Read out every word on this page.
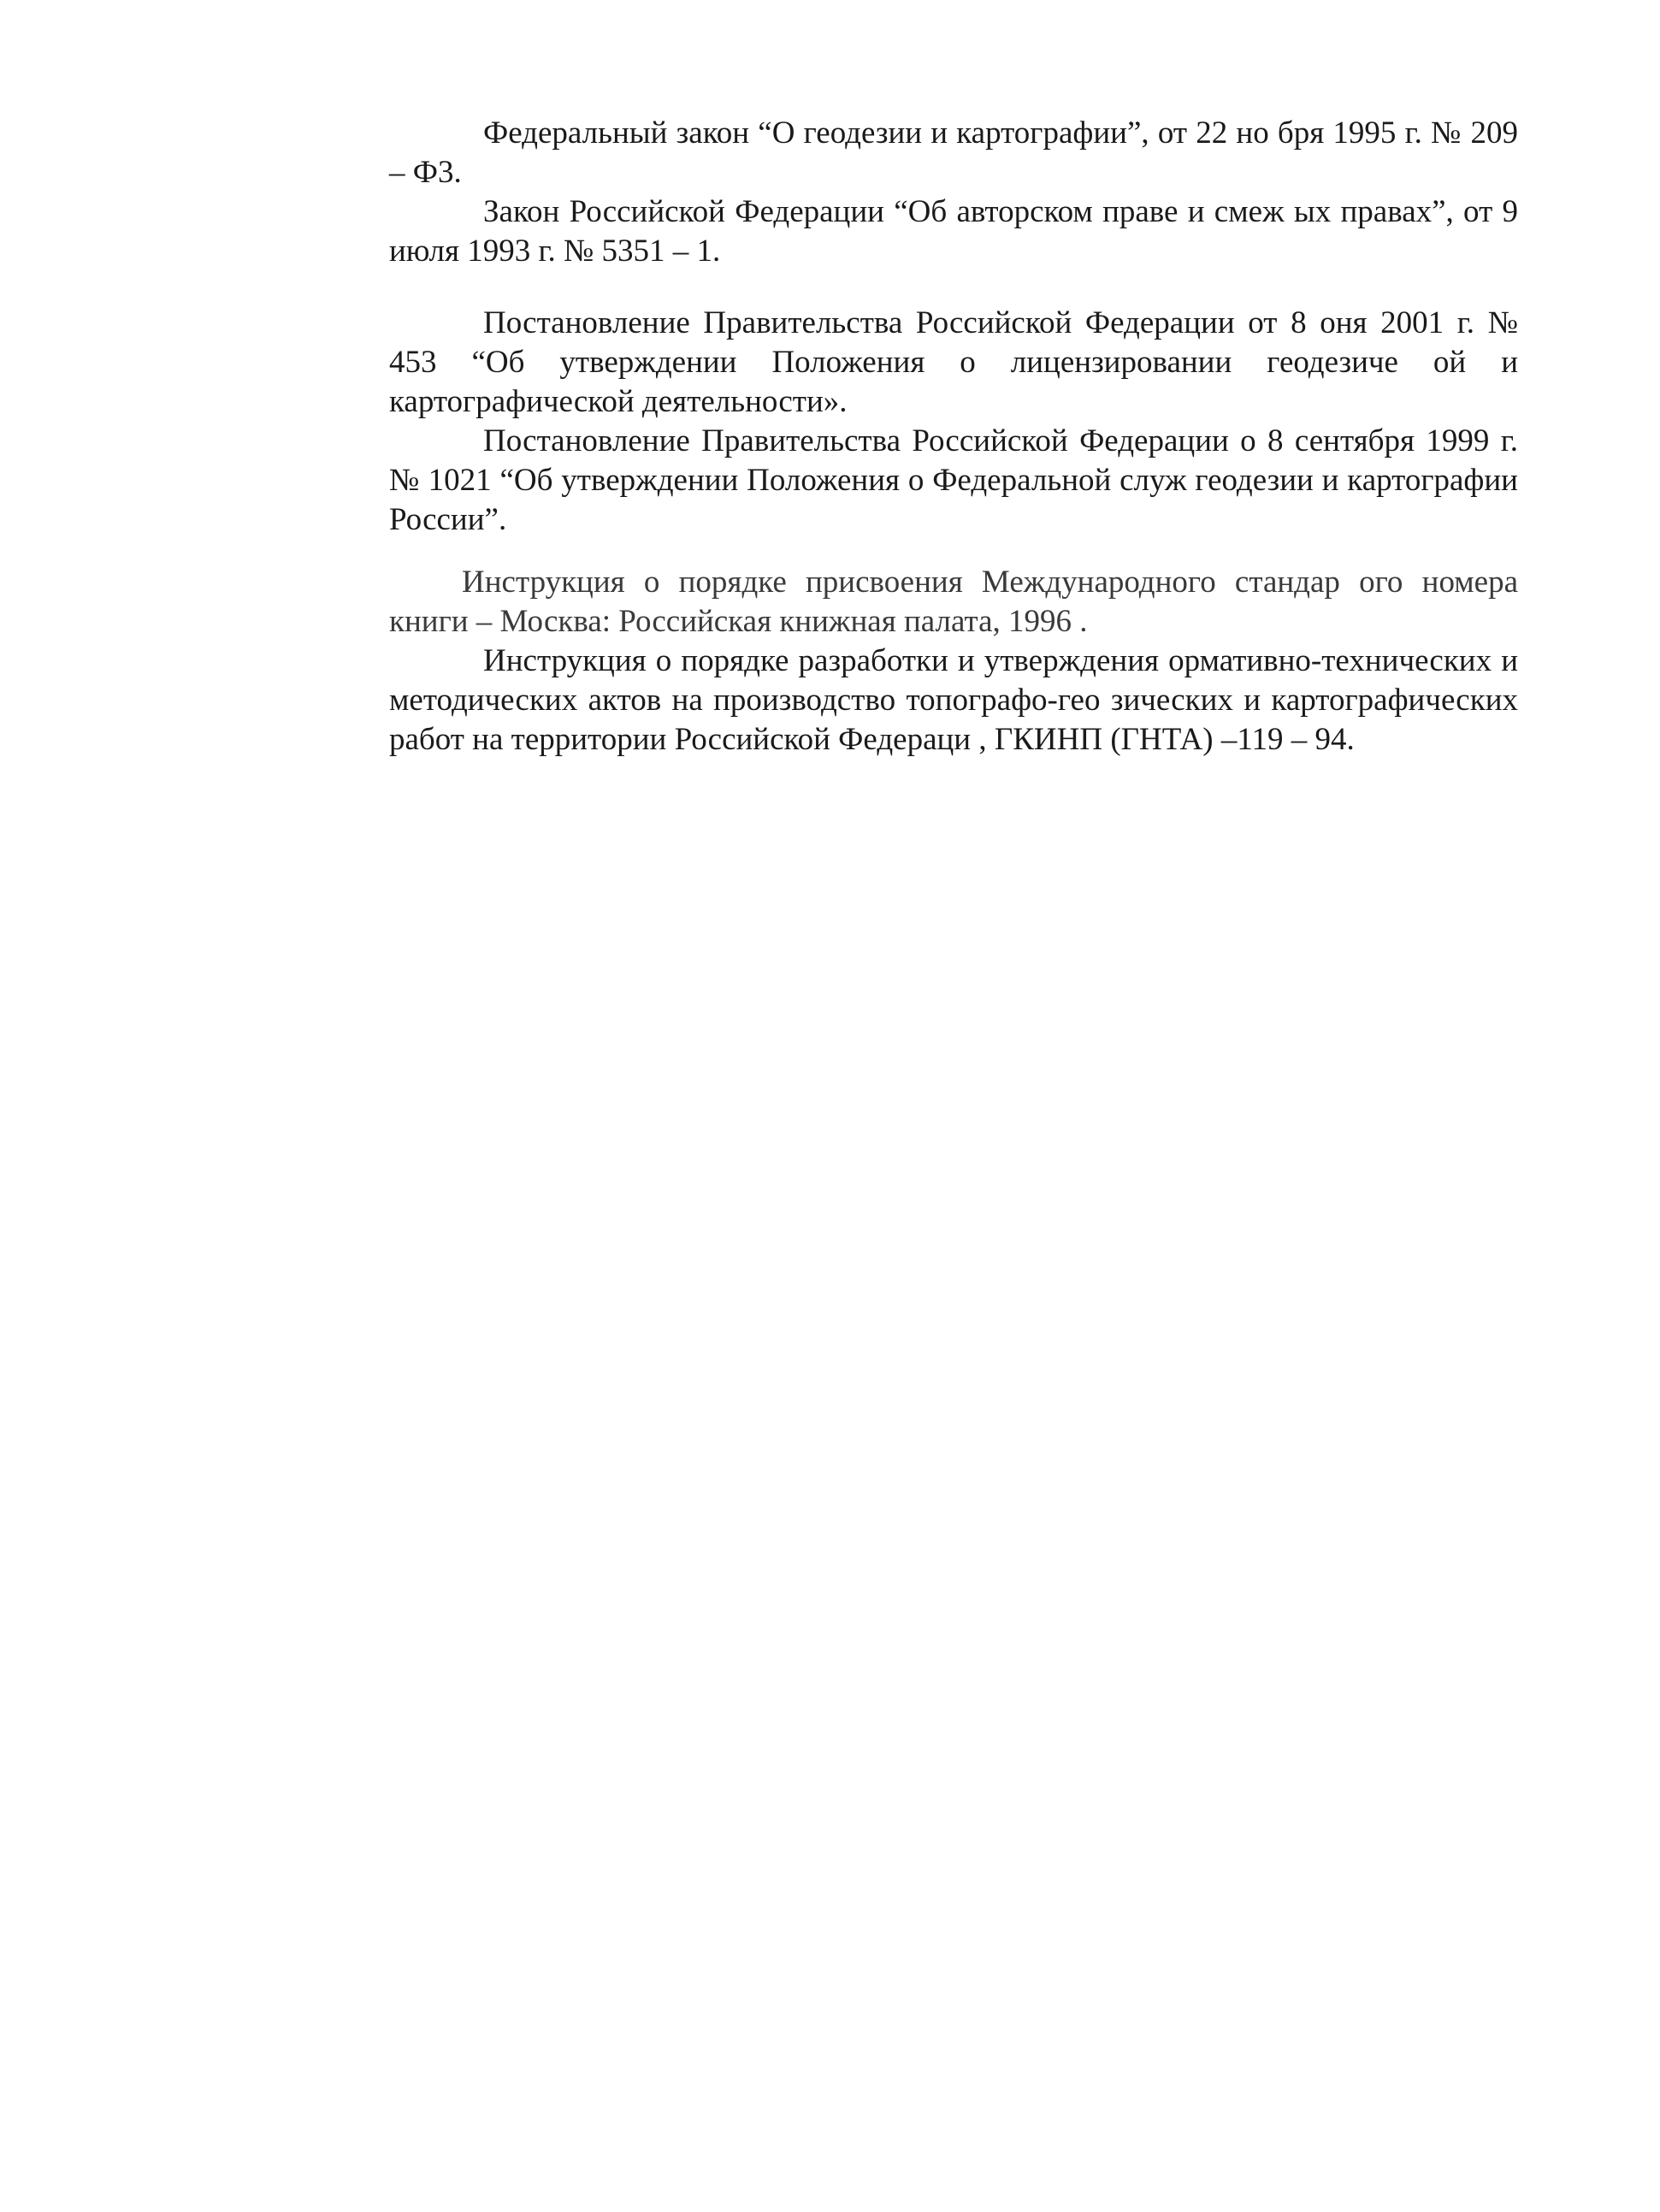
Федеральный закон “О геодезии и картографии”, от 22 но бря 1995 г. № 209 – Ф3.

Закон Российской Федерации “Об авторском праве и смеж ых правах”, от 9 июля 1993 г. № 5351 – 1.

Постановление Правительства Российской Федерации от 8 оня 2001 г. № 453 “Об утверждении Положения о лицензировании геодезиче ой и картографической деятельности».

Постановление Правительства Российской Федерации о 8 сентября 1999 г. № 1021 “Об утверждении Положения о Федеральной служ геодезии и картографии России”.

Инструкция о порядке присвоения Международного стандар ого номера книги – Москва: Российская книжная палата, 1996 .

Инструкция о порядке разработки и утверждения ормативно-технических и методических актов на производство топографо-гео зических и картографических работ на территории Российской Федераци , ГКИНП (ГНТА) –119 – 94.
